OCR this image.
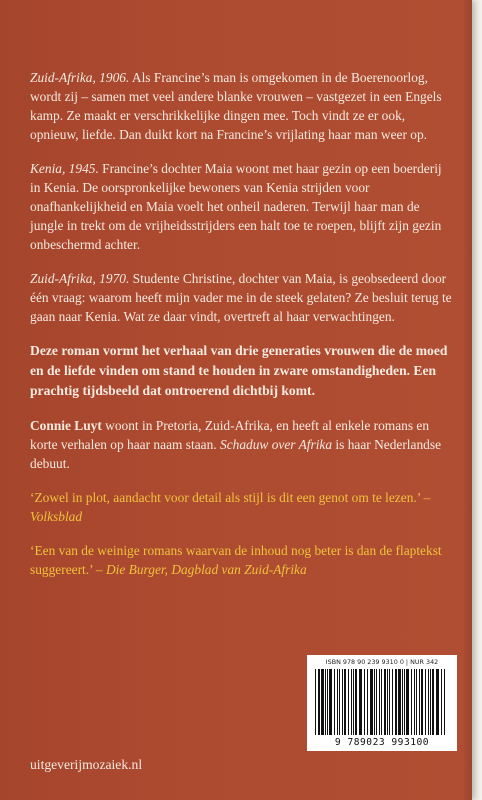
Zuid-Afrika, 1906. Als Francine’s man is omgekomen in de Boerenoorlog, wordt zij – samen met veel andere blanke vrouwen – vastgezet in een Engels kamp. Ze maakt er verschrikkelijke dingen mee. Toch vindt ze er ook, opnieuw, liefde. Dan duikt kort na Francine’s vrijlating haar man weer op.

Kenia, 1945. Francine’s dochter Maia woont met haar gezin op een boerderij in Kenia. De oorspronkelijke bewoners van Kenia strijden voor onafhankelijkheid en Maia voelt het onheil naderen. Terwijl haar man de jungle in trekt om de vrijheidsstrijders een halt toe te roepen, blijft zijn gezin onbeschermd achter.

Zuid-Afrika, 1970. Studente Christine, dochter van Maia, is geobsedeerd door één vraag: waarom heeft mijn vader me in de steek gelaten? Ze besluit terug te gaan naar Kenia. Wat ze daar vindt, overtreft al haar verwachtingen.

Deze roman vormt het verhaal van drie generaties vrouwen die de moed en de liefde vinden om stand te houden in zware omstandigheden. Een prachtig tijdsbeeld dat ontroerend dichtbij komt.

Connie Luyt woont in Pretoria, Zuid-Afrika, en heeft al enkele romans en korte verhalen op haar naam staan. Schaduw over Afrika is haar Nederlandse debuut.

‘Zowel in plot, aandacht voor detail als stijl is dit een genot om te lezen.’ – Volksblad

‘Een van de weinige romans waarvan de inhoud nog beter is dan de flaptekst suggereert.’ – Die Burger, Dagblad van Zuid-Afrika

ISBN 978 90 239 9310 0 | NUR 342
9 789023 993100
uitgeverijmozaiek.nl
